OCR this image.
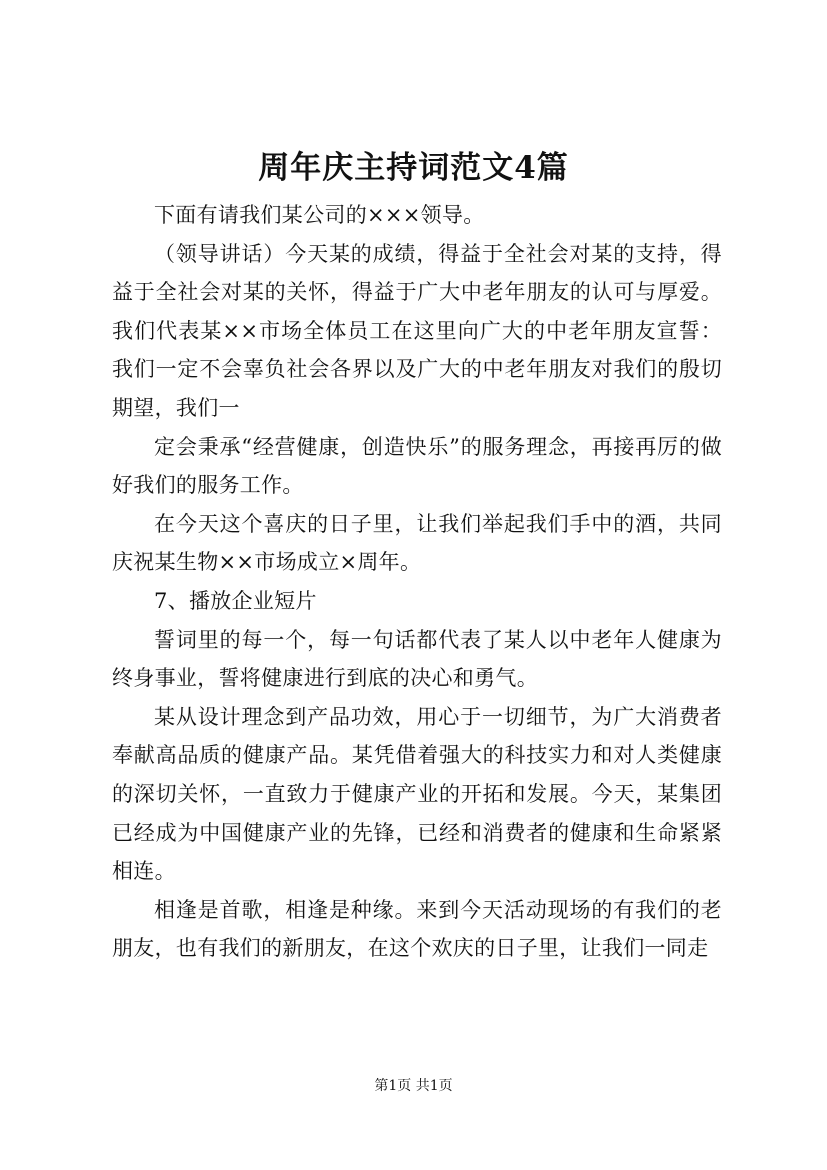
周年庆主持词范文4篇

下面有请我们某公司的×××领导。

（领导讲话）今天某的成绩，得益于全社会对某的支持，得益于全社会对某的关怀，得益于广大中老年朋友的认可与厚爱。我们代表某××市场全体员工在这里向广大的中老年朋友宣誓：我们一定不会辜负社会各界以及广大的中老年朋友对我们的殷切期望，我们一

定会秉承“经营健康，创造快乐”的服务理念，再接再厉的做好我们的服务工作。

在今天这个喜庆的日子里，让我们举起我们手中的酒，共同庆祝某生物××市场成立×周年。

7、播放企业短片

誓词里的每一个，每一句话都代表了某人以中老年人健康为终身事业，誓将健康进行到底的决心和勇气。

某从设计理念到产品功效，用心于一切细节，为广大消费者奉献高品质的健康产品。某凭借着强大的科技实力和对人类健康的深切关怀，一直致力于健康产业的开拓和发展。今天，某集团已经成为中国健康产业的先锋，已经和消费者的健康和生命紧紧相连。

相逢是首歌，相逢是种缘。来到今天活动现场的有我们的老朋友，也有我们的新朋友，在这个欢庆的日子里，让我们一同走

第1页 共1页
